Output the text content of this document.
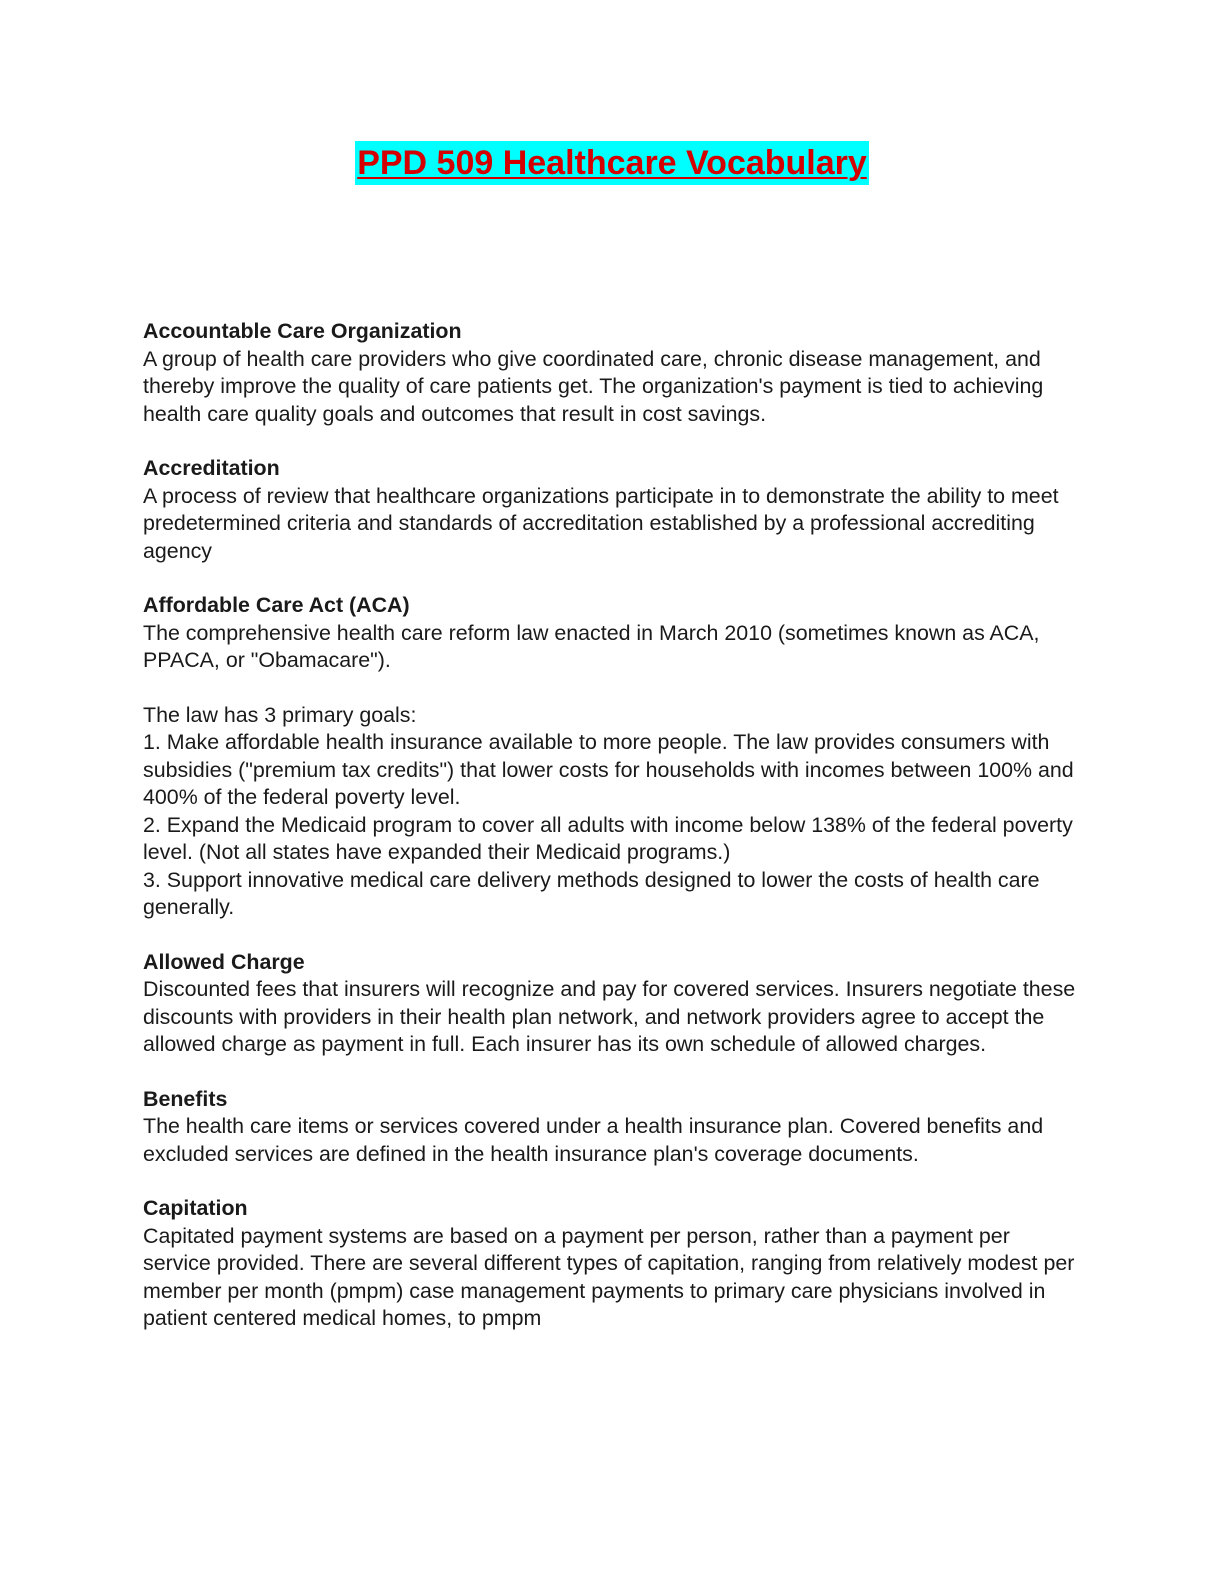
PPD 509 Healthcare Vocabulary

Accountable Care Organization

A group of health care providers who give coordinated care, chronic disease management, and thereby improve the quality of care patients get. The organization's payment is tied to achieving health care quality goals and outcomes that result in cost savings.

Accreditation

A process of review that healthcare organizations participate in to demonstrate the ability to meet predetermined criteria and standards of accreditation established by a professional accrediting agency

Affordable Care Act (ACA)

The comprehensive health care reform law enacted in March 2010 (sometimes known as ACA, PPACA, or "Obamacare").

The law has 3 primary goals:

1. Make affordable health insurance available to more people. The law provides consumers with subsidies ("premium tax credits") that lower costs for households with incomes between 100% and 400% of the federal poverty level.

2. Expand the Medicaid program to cover all adults with income below 138% of the federal poverty level. (Not all states have expanded their Medicaid programs.)

3. Support innovative medical care delivery methods designed to lower the costs of health care generally.

Allowed Charge

Discounted fees that insurers will recognize and pay for covered services. Insurers negotiate these discounts with providers in their health plan network, and network providers agree to accept the allowed charge as payment in full. Each insurer has its own schedule of allowed charges.

Benefits

The health care items or services covered under a health insurance plan. Covered benefits and excluded services are defined in the health insurance plan's coverage documents.

Capitation

Capitated payment systems are based on a payment per person, rather than a payment per service provided. There are several different types of capitation, ranging from relatively modest per member per month (pmpm) case management payments to primary care physicians involved in patient centered medical homes, to pmpm
